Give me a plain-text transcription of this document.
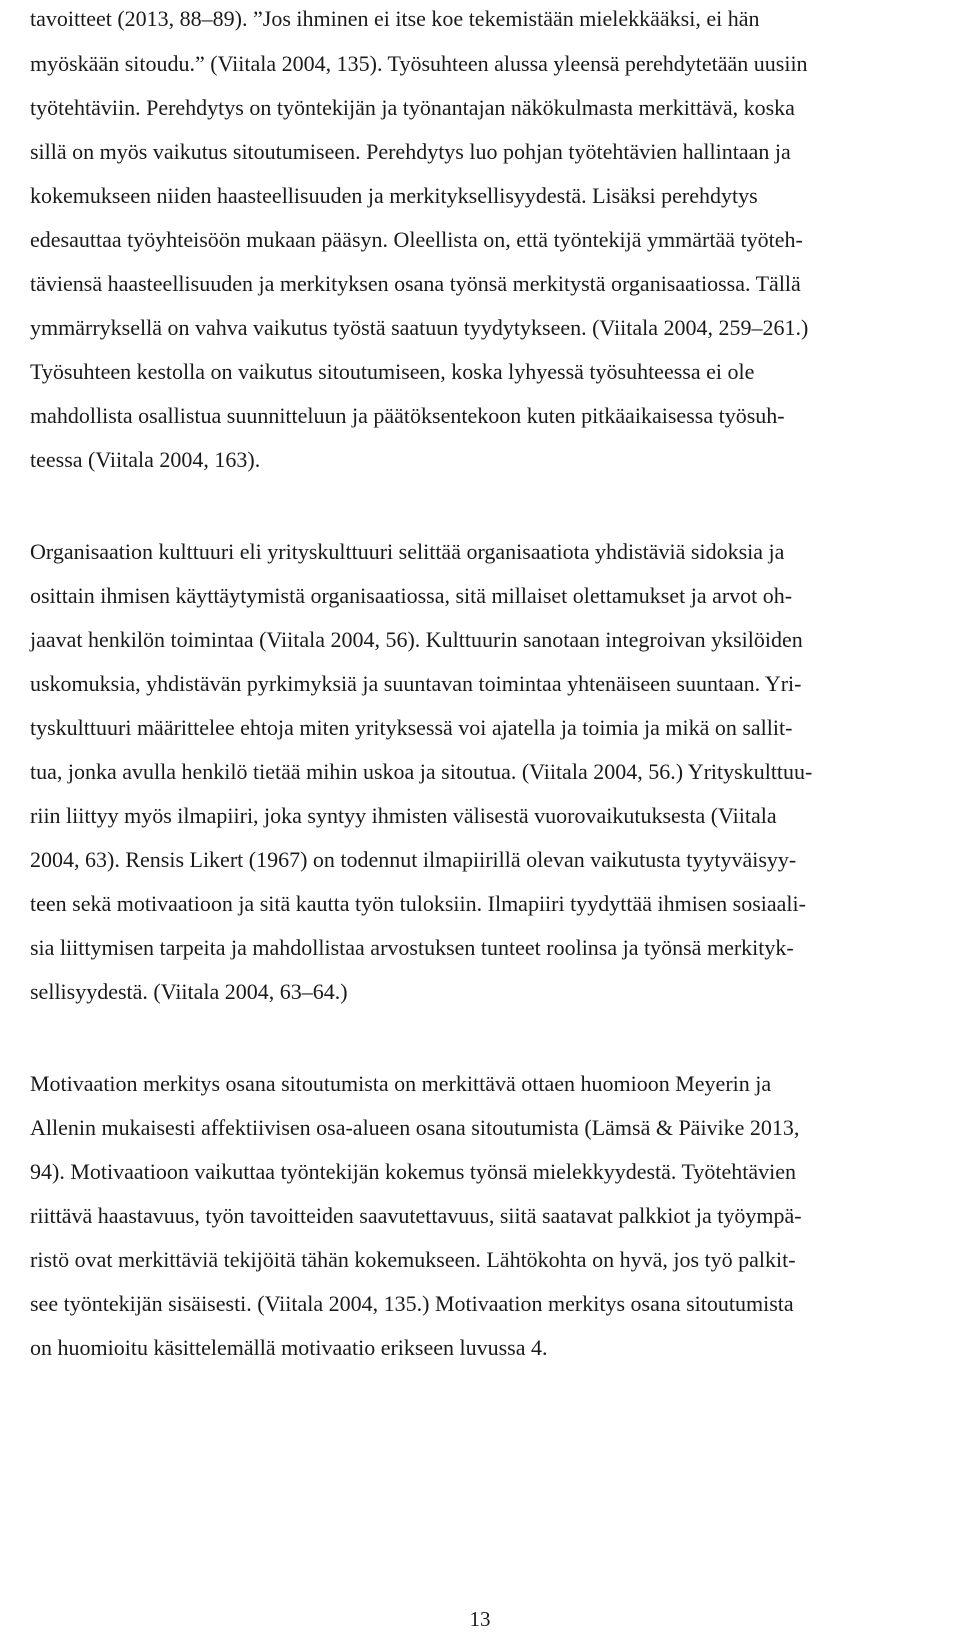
tavoitteet (2013, 88–89). ”Jos ihminen ei itse koe tekemistään mielekkääksi, ei hän
myöskään sitoudu.” (Viitala 2004, 135). Työsuhteen alussa yleensä perehdytetään uusiin
työtehtäviin. Perehdytys on työntekijän ja työnantajan näkökulmasta merkittävä, koska
sillä on myös vaikutus sitoutumiseen. Perehdytys luo pohjan työtehtävien hallintaan ja
kokemukseen niiden haasteellisuuden ja merkityksellisyydestä. Lisäksi perehdytys
edesauttaa työyhteisöön mukaan pääsyn. Oleellista on, että työntekijä ymmärtää työteh-
täviensä haasteellisuuden ja merkityksen osana työnsä merkitystä organisaatiossa. Tällä
ymmärryksellä on vahva vaikutus työstä saatuun tyydytykseen. (Viitala 2004, 259–261.)
Työsuhteen kestolla on vaikutus sitoutumiseen, koska lyhyessä työsuhteessa ei ole
mahdollista osallistua suunnitteluun ja päätöksentekoon kuten pitkäaikaisessa työsuh-
teessa (Viitala 2004, 163).
Organisaation kulttuuri eli yrityskulttuuri selittää organisaatiota yhdistäviä sidoksia ja
osittain ihmisen käyttäytymistä organisaatiossa, sitä millaiset olettamukset ja arvot oh-
jaavat henkilön toimintaa (Viitala 2004, 56). Kulttuurin sanotaan integroivan yksilöiden
uskomuksia, yhdistävän pyrkimyksiä ja suuntavan toimintaa yhtenäiseen suuntaan. Yri-
tyskulttuuri määrittelee ehtoja miten yrityksessä voi ajatella ja toimia ja mikä on sallit-
tua, jonka avulla henkilö tietää mihin uskoa ja sitoutua. (Viitala 2004, 56.) Yrityskulttuu-
riin liittyy myös ilmapiiri, joka syntyy ihmisten välisestä vuorovaikutuksesta (Viitala
2004, 63). Rensis Likert (1967) on todennut ilmapiirillä olevan vaikutusta tyytyväisyy-
teen sekä motivaatioon ja sitä kautta työn tuloksiin. Ilmapiiri tyydyttää ihmisen sosiaali-
sia liittymisen tarpeita ja mahdollistaa arvostuksen tunteet roolinsa ja työnsä merkityk-
sellisyydestä. (Viitala 2004, 63–64.)
Motivaation merkitys osana sitoutumista on merkittävä ottaen huomioon Meyerin ja
Allenin mukaisesti affektiivisen osa-alueen osana sitoutumista (Lämsä & Päivike 2013,
94). Motivaatioon vaikuttaa työntekijän kokemus työnsä mielekkyydestä. Työtehtävien
riittävä haastavuus, työn tavoitteiden saavutettavuus, siitä saatavat palkkiot ja työympä-
ristö ovat merkittäviä tekijöitä tähän kokemukseen. Lähtökohta on hyvä, jos työ palkit-
see työntekijän sisäisesti. (Viitala 2004, 135.) Motivaation merkitys osana sitoutumista
on huomioitu käsittelemällä motivaatio erikseen luvussa 4.
13
